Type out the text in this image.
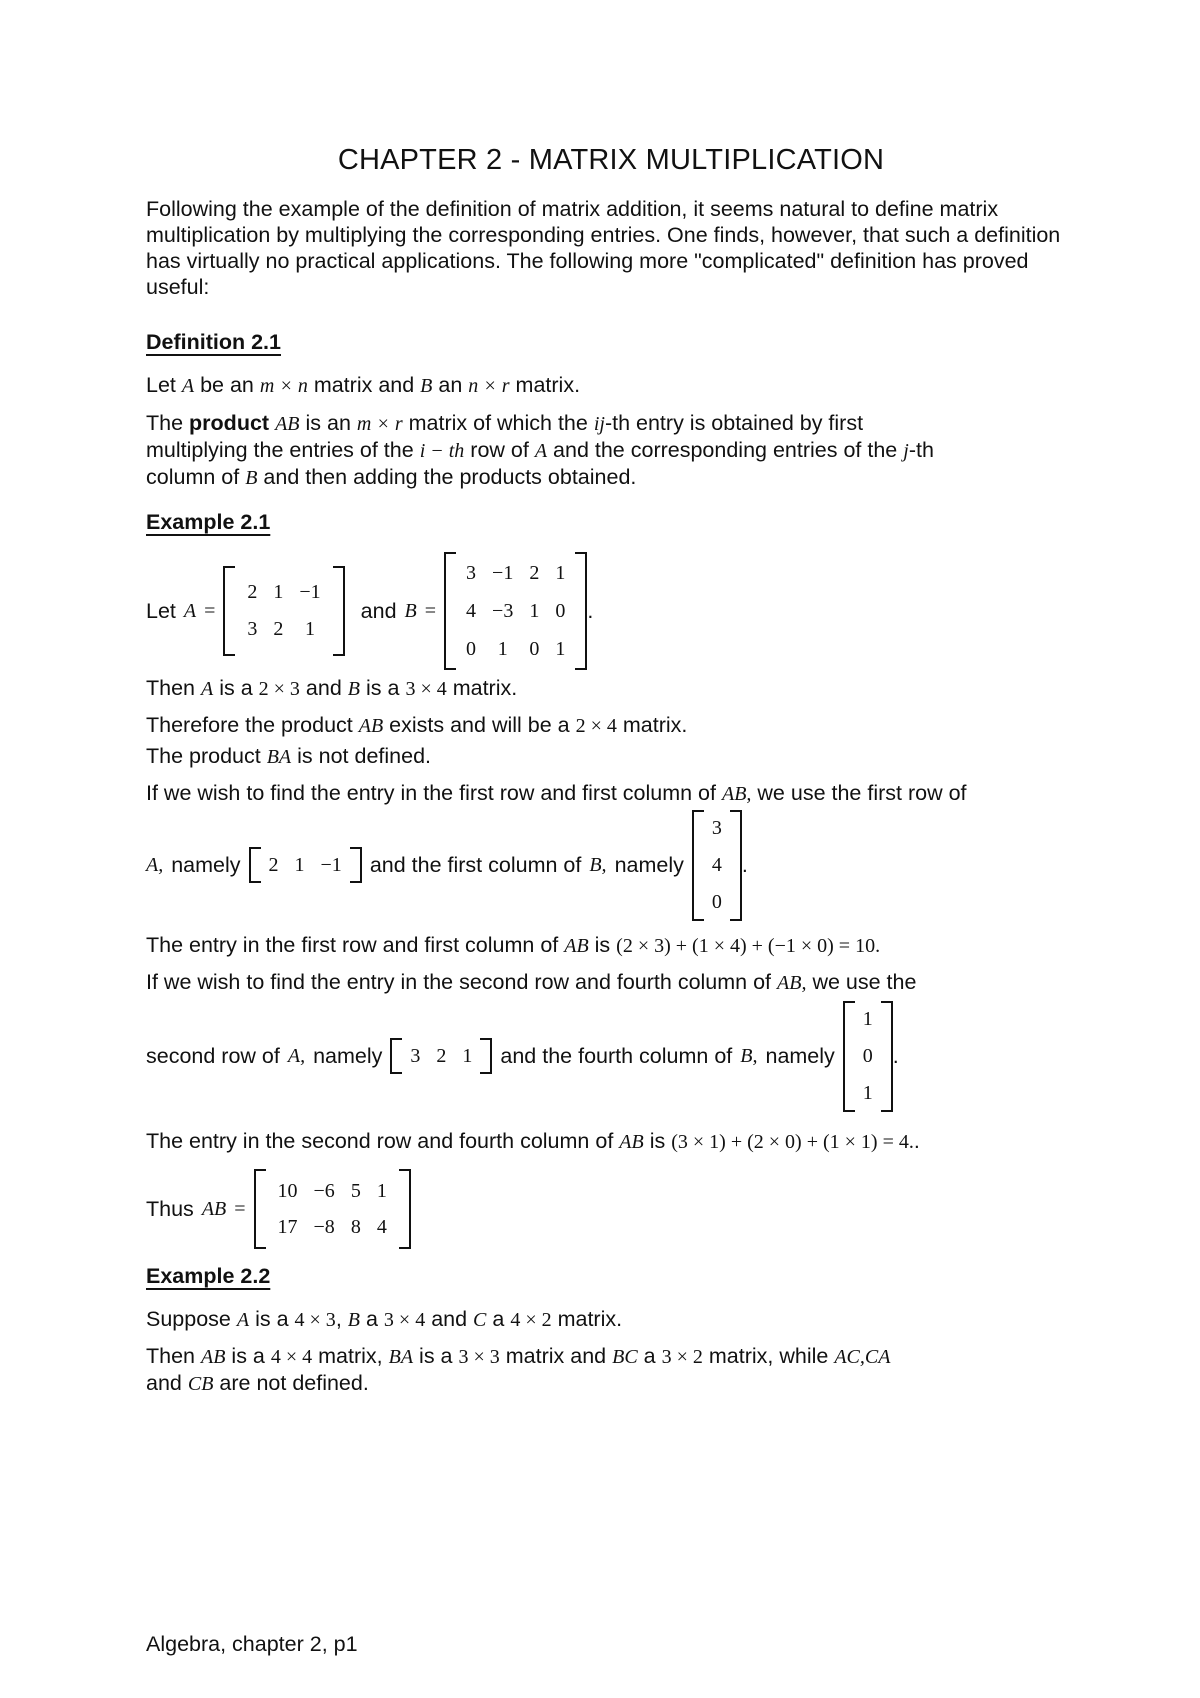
CHAPTER 2 - MATRIX MULTIPLICATION
Following the example of the definition of matrix addition, it seems natural to define matrix multiplication by multiplying the corresponding entries. One finds, however, that such a definition has virtually no practical applications. The following more "complicated" definition has proved useful:
Definition 2.1
Let A be an m × n matrix and B an n × r matrix.
The product AB is an m × r matrix of which the ij-th entry is obtained by first
multiplying the entries of the i − th row of A and the corresponding entries of the j-th
column of B and then adding the products obtained.
Example 2.1
Let A =
2	1	−1
3	2	1
and B =
3	−1	2	1
4	−3	1	0
0	1	0	1
.
Then A is a 2 × 3 and B is a 3 × 4 matrix.
Therefore the product AB exists and will be a 2 × 4 matrix.
The product BA is not defined.
If we wish to find the entry in the first row and first column of AB, we use the first row of
A, namely 2	1	−1 and the first column of B, namely
3
4
0
.
The entry in the first row and first column of AB is (2 × 3) + (1 × 4) + (−1 × 0) = 10.
If we wish to find the entry in the second row and fourth column of AB, we use the
second row of A, namely 3	2	1 and the fourth column of B, namely
1
0
1
.
The entry in the second row and fourth column of AB is (3 × 1) + (2 × 0) + (1 × 1) = 4..
Thus AB =
10	−6	5	1
17	−8	8	4
Example 2.2
Suppose A is a 4 × 3, B a 3 × 4 and C a 4 × 2 matrix.
Then AB is a 4 × 4 matrix, BA is a 3 × 3 matrix and BC a 3 × 2 matrix, while AC,CA
and CB are not defined.
Algebra, chapter 2, p1
